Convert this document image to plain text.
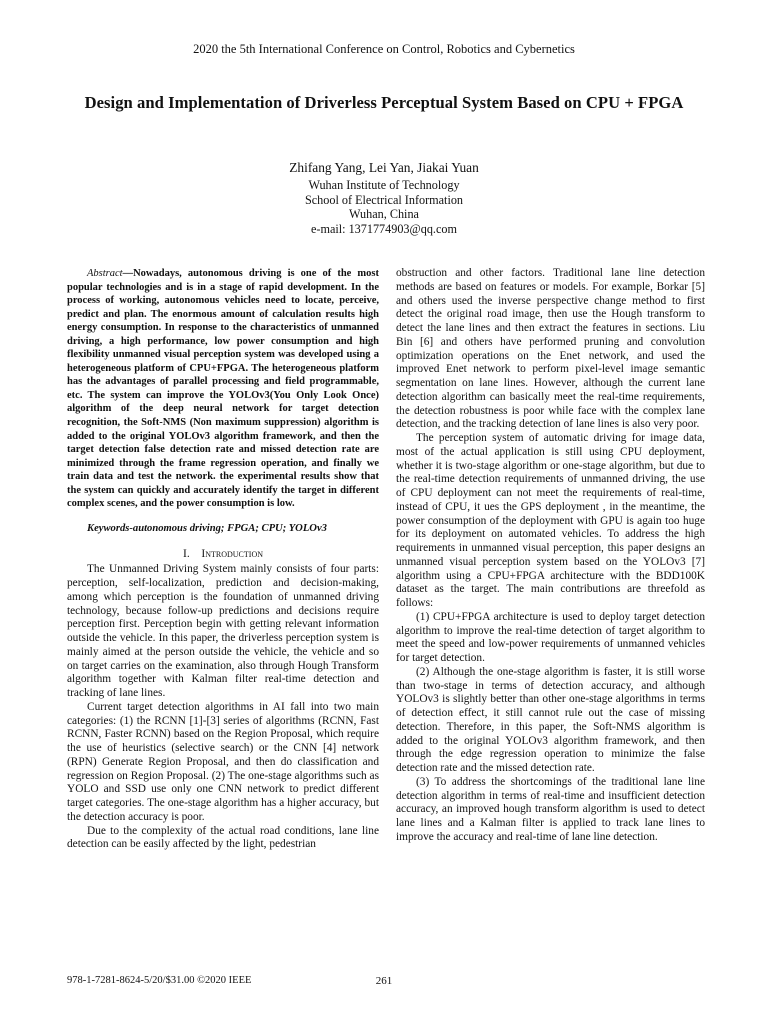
2020 the 5th International Conference on Control, Robotics and Cybernetics
Design and Implementation of Driverless Perceptual System Based on CPU + FPGA
Zhifang Yang, Lei Yan, Jiakai Yuan
Wuhan Institute of Technology
School of Electrical Information
Wuhan, China
e-mail: 1371774903@qq.com

Abstract—Nowadays, autonomous driving is one of the most popular technologies and is in a stage of rapid development. In the process of working, autonomous vehicles need to locate, perceive, predict and plan. The enormous amount of calculation results high energy consumption. In response to the characteristics of unmanned driving, a high performance, low power consumption and high flexibility unmanned visual perception system was developed using a heterogeneous platform of CPU+FPGA. The heterogeneous platform has the advantages of parallel processing and field programmable, etc. The system can improve the YOLOv3(You Only Look Once) algorithm of the deep neural network for target detection recognition, the Soft-NMS (Non maximum suppression) algorithm is added to the original YOLOv3 algorithm framework, and then the target detection false detection rate and missed detection rate are minimized through the frame regression operation, and finally we train data and test the network. the experimental results show that the system can quickly and accurately identify the target in different complex scenes, and the power consumption is low.

Keywords-autonomous driving; FPGA; CPU; YOLOv3

I. Introduction

The Unmanned Driving System mainly consists of four parts: perception, self-localization, prediction and decision-making, among which perception is the foundation of unmanned driving technology, because follow-up predictions and decisions require perception first. Perception begin with getting relevant information outside the vehicle. In this paper, the driverless perception system is mainly aimed at the person outside the vehicle, the vehicle and so on target carries on the examination, also through Hough Transform algorithm together with Kalman filter real-time detection and tracking of lane lines.

Current target detection algorithms in AI fall into two main categories: (1) the RCNN [1]-[3] series of algorithms (RCNN, Fast RCNN, Faster RCNN) based on the Region Proposal, which require the use of heuristics (selective search) or the CNN [4] network (RPN) Generate Region Proposal, and then do classification and regression on Region Proposal. (2) The one-stage algorithms such as YOLO and SSD use only one CNN network to predict different target categories. The one-stage algorithm has a higher accuracy, but the detection accuracy is poor.

Due to the complexity of the actual road conditions, lane line detection can be easily affected by the light, pedestrian

obstruction and other factors. Traditional lane line detection methods are based on features or models. For example, Borkar [5] and others used the inverse perspective change method to first detect the original road image, then use the Hough transform to detect the lane lines and then extract the features in sections. Liu Bin [6] and others have performed pruning and convolution optimization operations on the Enet network, and used the improved Enet network to perform pixel-level image semantic segmentation on lane lines. However, although the current lane detection algorithm can basically meet the real-time requirements, the detection robustness is poor while face with the complex lane detection, and the tracking detection of lane lines is also very poor.

The perception system of automatic driving for image data, most of the actual application is still using CPU deployment, whether it is two-stage algorithm or one-stage algorithm, but due to the real-time detection requirements of unmanned driving, the use of CPU deployment can not meet the requirements of real-time, instead of CPU, it ues the GPS deployment , in the meantime, the power consumption of the deployment with GPU is again too huge for its deployment on automated vehicles. To address the high requirements in unmanned visual perception, this paper designs an unmanned visual perception system based on the YOLOv3 [7] algorithm using a CPU+FPGA architecture with the BDD100K dataset as the target. The main contributions are threefold as follows:

(1) CPU+FPGA architecture is used to deploy target detection algorithm to improve the real-time detection of target algorithm to meet the speed and low-power requirements of unmanned vehicles for target detection.

(2) Although the one-stage algorithm is faster, it is still worse than two-stage in terms of detection accuracy, and although YOLOv3 is slightly better than other one-stage algorithms in terms of detection effect, it still cannot rule out the case of missing detection. Therefore, in this paper, the Soft-NMS algorithm is added to the original YOLOv3 algorithm framework, and then through the edge regression operation to minimize the false detection rate and the missed detection rate.

(3) To address the shortcomings of the traditional lane line detection algorithm in terms of real-time and insufficient detection accuracy, an improved hough transform algorithm is used to detect lane lines and a Kalman filter is applied to track lane lines to improve the accuracy and real-time of lane line detection.

978-1-7281-8624-5/20/$31.00 ©2020 IEEE	261
